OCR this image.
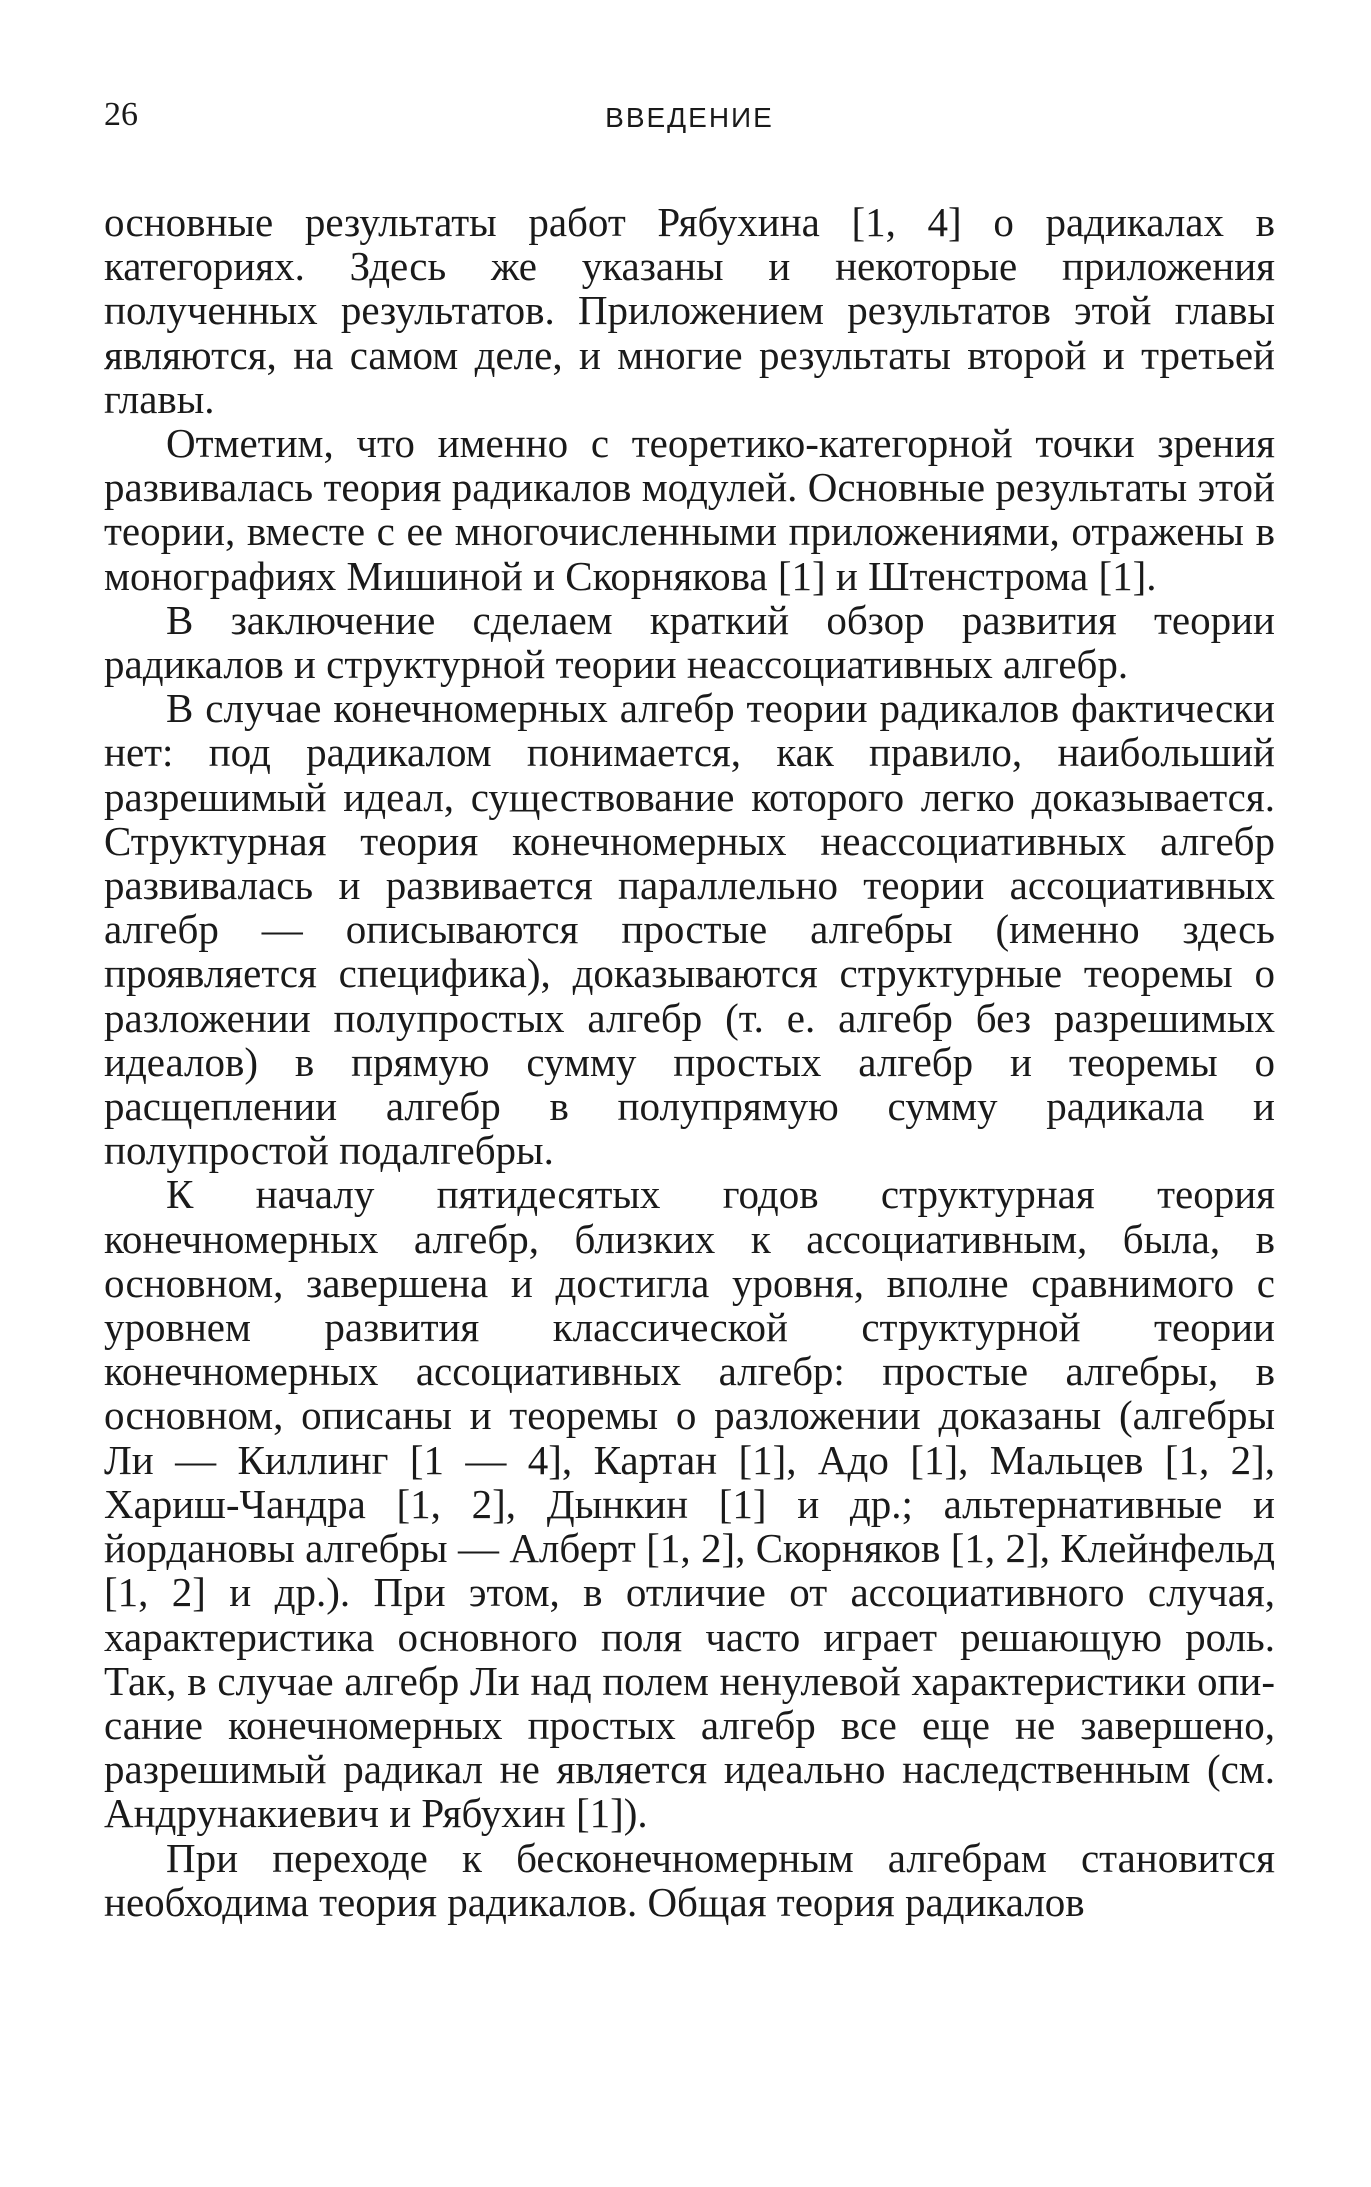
26	ВВЕДЕНИЕ

основные результаты работ Рябухина [1, 4] о радикалах в категориях. Здесь же указаны и некоторые приложения полученных результатов. Приложением результатов этой главы являются, на самом деле, и многие результаты второй и третьей главы.

Отметим, что именно с теоретико-категорной точки зрения развивалась теория радикалов модулей. Основные результаты этой теории, вместе с ее многочисленными приложениями, отражены в монографиях Мишиной и Скорнякова [1] и Штенстрома [1].

В заключение сделаем краткий обзор развития теории радикалов и структурной теории неассоциативных алгебр.

В случае конечномерных алгебр теории радикалов фактически нет: под радикалом понимается, как правило, наибольший разрешимый идеал, существование которого легко доказывается. Структурная теория конечномерных неассоциативных алгебр развивалась и развивается параллельно теории ассоциативных алгебр — описываются простые алгебры (именно здесь проявляется специфика), доказываются структурные теоремы о разложении полупростых алгебр (т. е. алгебр без разрешимых идеалов) в прямую сумму простых алгебр и теоремы о расщеплении алгебр в полупрямую сумму радикала и полупростой подалгебры.

К началу пятидесятых годов структурная теория конечномерных алгебр, близких к ассоциативным, была, в основном, завершена и достигла уровня, вполне сравнимого с уровнем развития классической структурной теории конечномерных ассоциативных алгебр: простые алгебры, в основном, описаны и теоремы о разложении доказаны (алгебры Ли — Киллинг [1 — 4], Картан [1], Адо [1], Мальцев [1, 2], Хариш-Чандра [1, 2], Дынкин [1] и др.; альтернативные и йордановы алгебры — Алберт [1, 2], Скорняков [1, 2], Клейнфельд [1, 2] и др.). При этом, в отличие от ассоциативного случая, характеристика основного поля часто играет решающую роль. Так, в случае алгебр Ли над полем ненулевой характеристики описание конечномерных простых алгебр все еще не завершено, разрешимый радикал не является идеально наследственным (см. Андрунакиевич и Рябухин [1]).

При переходе к бесконечномерным алгебрам становится необходима теория радикалов. Общая теория радикалов
